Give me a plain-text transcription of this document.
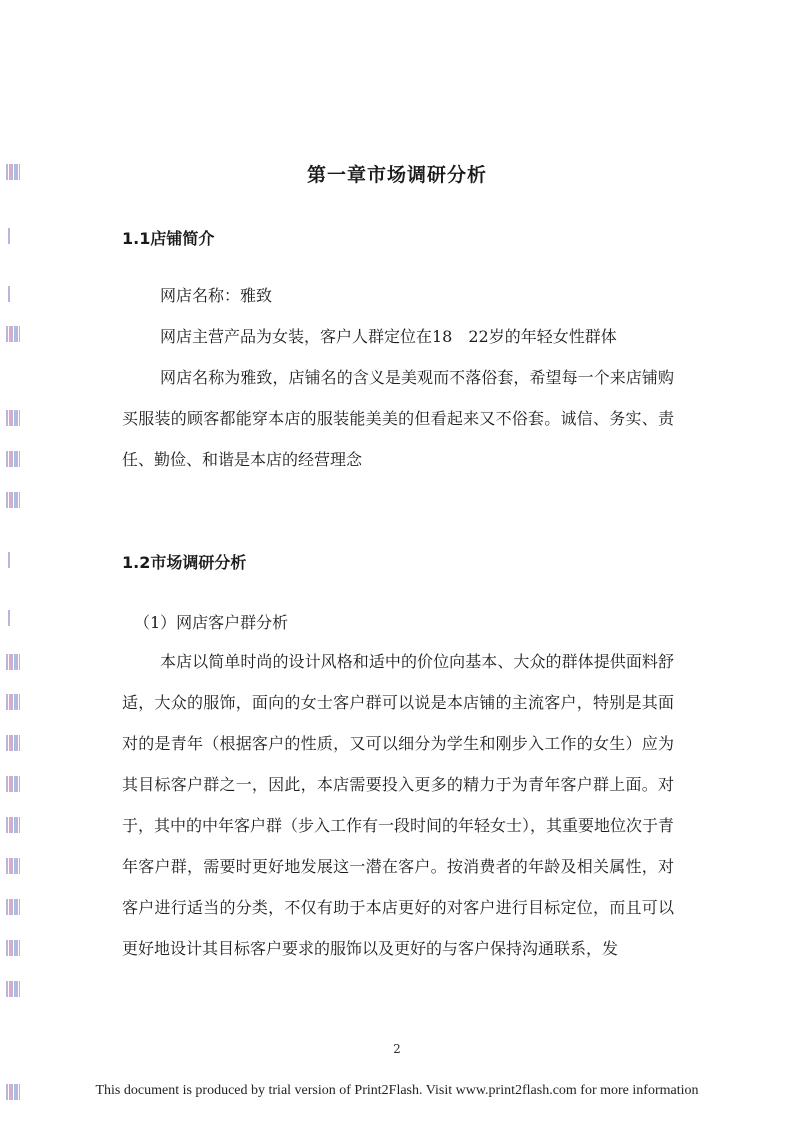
第一章市场调研分析
1.1店铺简介

网店名称：雅致

网店主营产品为女装，客户人群定位在18　22岁的年轻女性群体

网店名称为雅致，店铺名的含义是美观而不落俗套，希望每一个来店铺购买服装的顾客都能穿本店的服装能美美的但看起来又不俗套。诚信、务实、责任、勤俭、和谐是本店的经营理念

1.2市场调研分析
（1）网店客户群分析

本店以简单时尚的设计风格和适中的价位向基本、大众的群体提供面料舒适，大众的服饰，面向的女士客户群可以说是本店铺的主流客户，特别是其面对的是青年（根据客户的性质，又可以细分为学生和刚步入工作的女生）应为其目标客户群之一，因此，本店需要投入更多的精力于为青年客户群上面。对于，其中的中年客户群（步入工作有一段时间的年轻女士），其重要地位次于青年客户群，需要时更好地发展这一潜在客户。按消费者的年龄及相关属性，对客户进行适当的分类，不仅有助于本店更好的对客户进行目标定位，而且可以更好地设计其目标客户要求的服饰以及更好的与客户保持沟通联系，发

2
This document is produced by trial version of Print2Flash. Visit www.print2flash.com for more information
